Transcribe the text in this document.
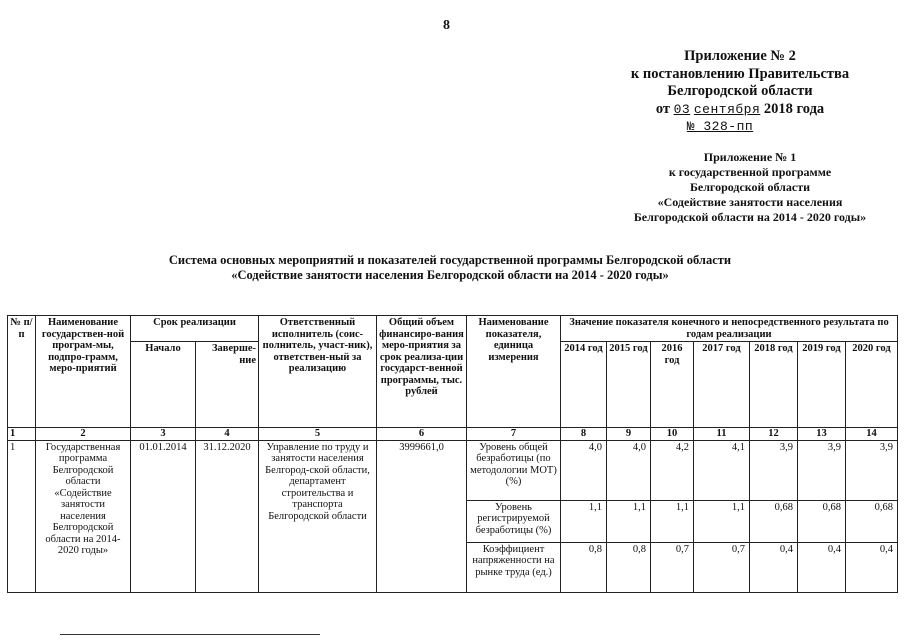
8
Приложение № 2
к постановлению Правительства
Белгородской области
от 03 сентября 2018 года
№ 328-пп
Приложение № 1
к государственной программе
Белгородской области
«Содействие занятости населения
Белгородской области на 2014 - 2020 годы»
Система основных мероприятий и показателей государственной программы Белгородской области
«Содействие занятости населения Белгородской области на 2014 - 2020 годы»
№ п/п	Наименование государствен-ной програм-мы, подпро-грамм, меро-приятий	Срок реализации		Ответственный исполнитель (соис-полнитель, участ-ник), ответствен-ный за реализацию	Общий объем финансиро-вания меро-приятия за срок реализа-ции государст-венной программы, тыс. рублей	Наименование показателя, единица измерения	Значение показателя конечного и непосредственного результата по годам реализации						
		Начало	Заверше-ние				2014 год	2015 год	2016 год	2017 год	2018 год	2019 год	2020 год
1	2	3	4	5	6	7	8	9	10	11	12	13	14
1	Государственная программа Белгородской области «Содействие занятости населения Белгородской области на 2014-2020 годы»	01.01.2014	31.12.2020	Управление по труду и занятости населения Белгород-ской области, департамент строительства и транспорта Белгородской области	3999661,0	Уровень общей безработицы (по методологии МОТ) (%)	4,0	4,0	4,2	4,1	3,9	3,9	3,9
						Уровень регистрируемой безработицы (%)	1,1	1,1	1,1	1,1	0,68	0,68	0,68
						Коэффициент напряженности на рынке труда (ед.)	0,8	0,8	0,7	0,7	0,4	0,4	0,4
